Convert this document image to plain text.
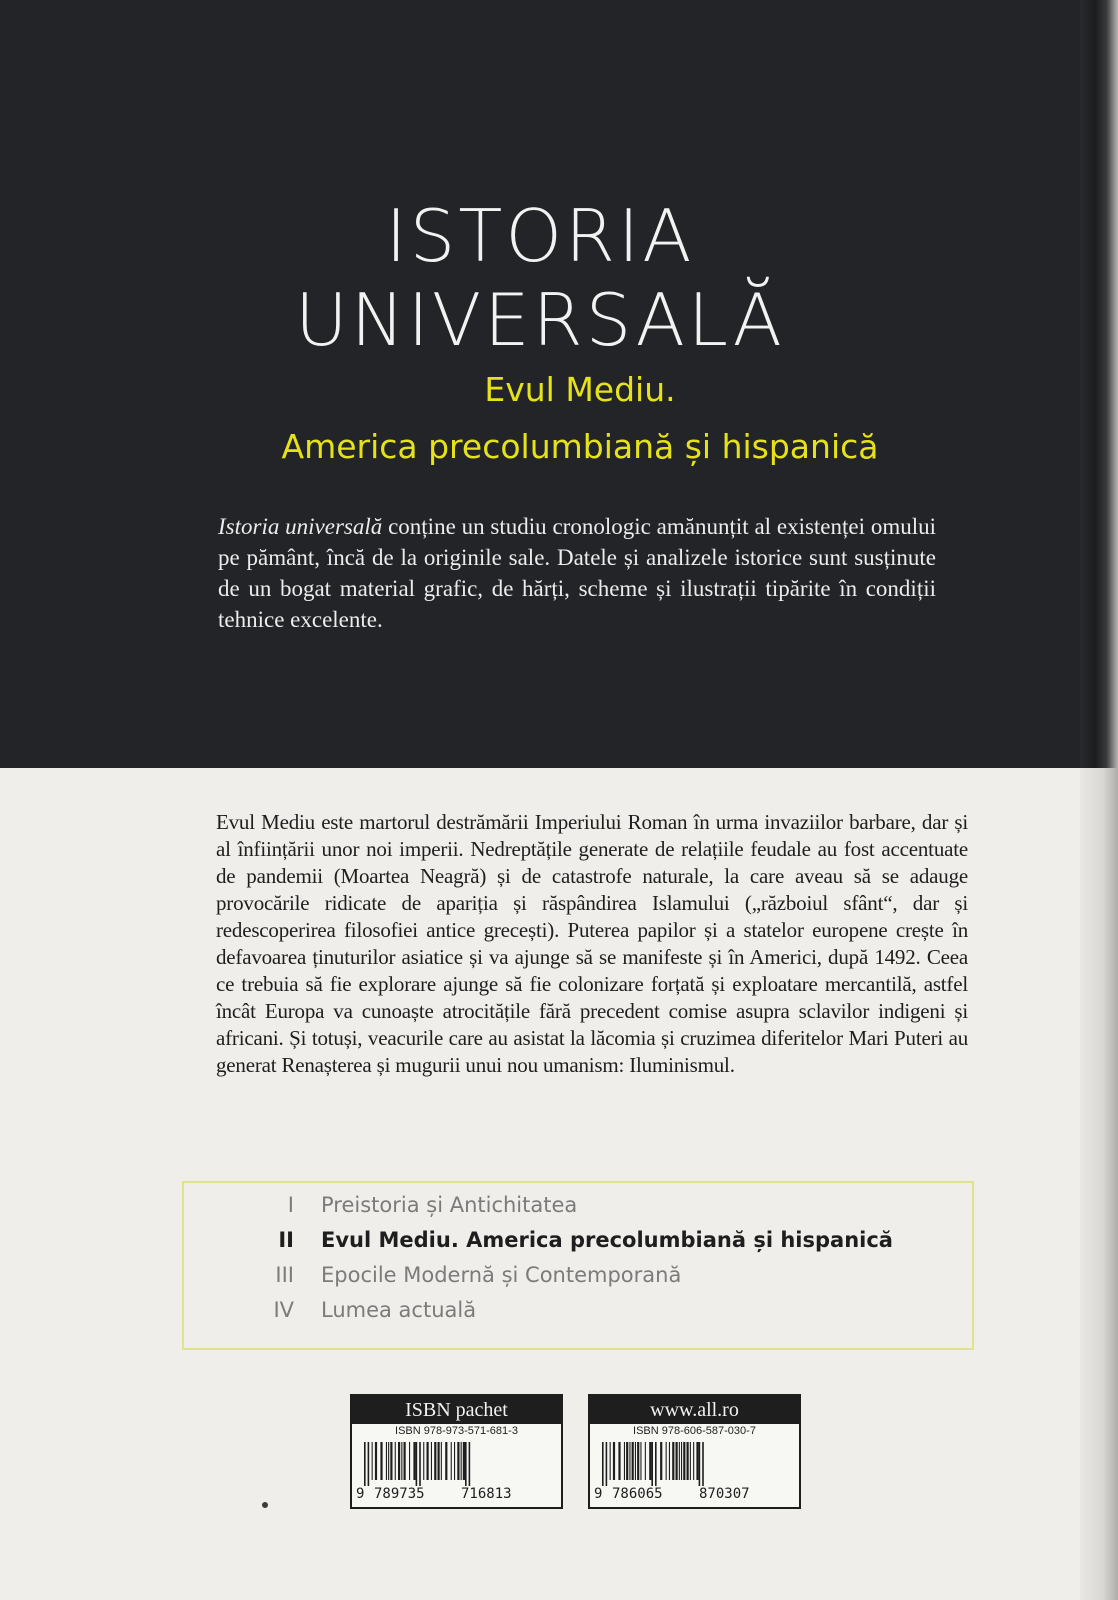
ISTORIA
UNIVERSALĂ
Evul Mediu.
America precolumbiană și hispanică

Istoria universală conține un studiu cronologic amănunțit al existenței omului pe pământ, încă de la originile sale. Datele și analizele istorice sunt susținute de un bogat material grafic, de hărți, scheme și ilustrații tipărite în condiții tehnice excelente.

Evul Mediu este martorul destrămării Imperiului Roman în urma invaziilor barbare, dar și al înființării unor noi imperii. Nedreptățile generate de relațiile feudale au fost accentuate de pandemii (Moartea Neagră) și de catastrofe naturale, la care aveau să se adauge provocările ridicate de apariția și răspândirea Islamului („războiul sfânt“, dar și redescoperirea filosofiei antice grecești). Puterea papilor și a statelor europene crește în defavoarea ținuturilor asiatice și va ajunge să se manifeste și în Americi, după 1492. Ceea ce trebuia să fie explorare ajunge să fie colonizare forțată și exploatare mercantilă, astfel încât Europa va cunoaște atrocitățile fără precedent comise asupra sclavilor indigeni și africani. Și totuși, veacurile care au asistat la lăcomia și cruzimea diferitelor Mari Puteri au generat Renașterea și mugurii unui nou umanism: Iluminismul.

I Preistoria și Antichitatea
II Evul Mediu. America precolumbiană și hispanică
III Epocile Modernă și Contemporană
IV Lumea actuală
ISBN pachet
ISBN 978-973-571-681-3
9 789735	716813
www.all.ro
ISBN 978-606-587-030-7
9 786065	870307
